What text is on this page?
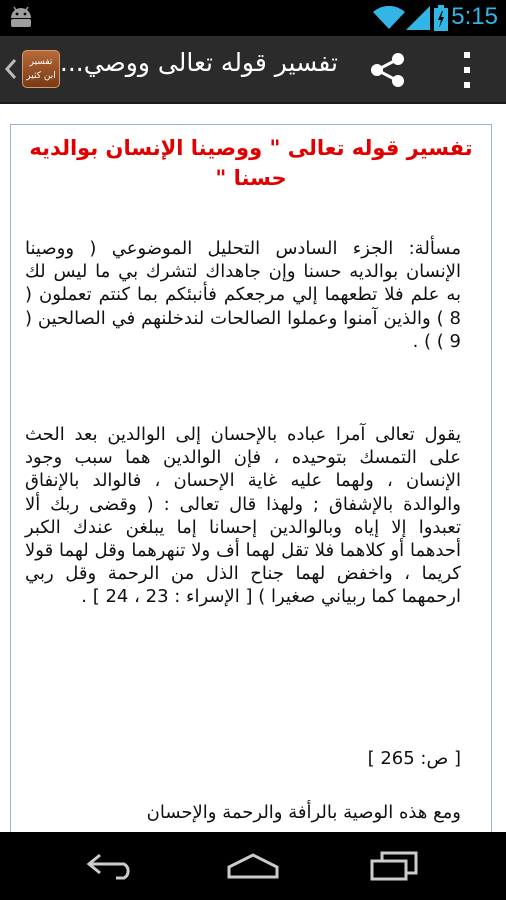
5:15
تفسير ابن كثير تفسير قوله تعالى ووصي...
تفسير قوله تعالى " ووصينا الإنسان بوالديه حسنا "
مسألة: الجزء السادس التحليل الموضوعي ( ووصينا الإنسان بوالديه حسنا وإن جاهداك لتشرك بي ما ليس لك به علم فلا تطعهما إلي مرجعكم فأنبئكم بما كنتم تعملون ( 8 ) والذين آمنوا وعملوا الصالحات لندخلنهم في الصالحين ( 9 ) ) .
يقول تعالى آمرا عباده بالإحسان إلى الوالدين بعد الحث على التمسك بتوحيده ، فإن الوالدين هما سبب وجود الإنسان ، ولهما عليه غاية الإحسان ، فالوالد بالإنفاق والوالدة بالإشفاق ; ولهذا قال تعالى : ( وقضى ربك ألا تعبدوا إلا إياه وبالوالدين إحسانا إما يبلغن عندك الكبر أحدهما أو كلاهما فلا تقل لهما أف ولا تنهرهما وقل لهما قولا كريما ، واخفض لهما جناح الذل من الرحمة وقل ربي ارحمهما كما ربياني صغيرا ) [ الإسراء : 23 ، 24 ] .
[ ص: 265 ]
ومع هذه الوصية بالرأفة والرحمة والإحسان
